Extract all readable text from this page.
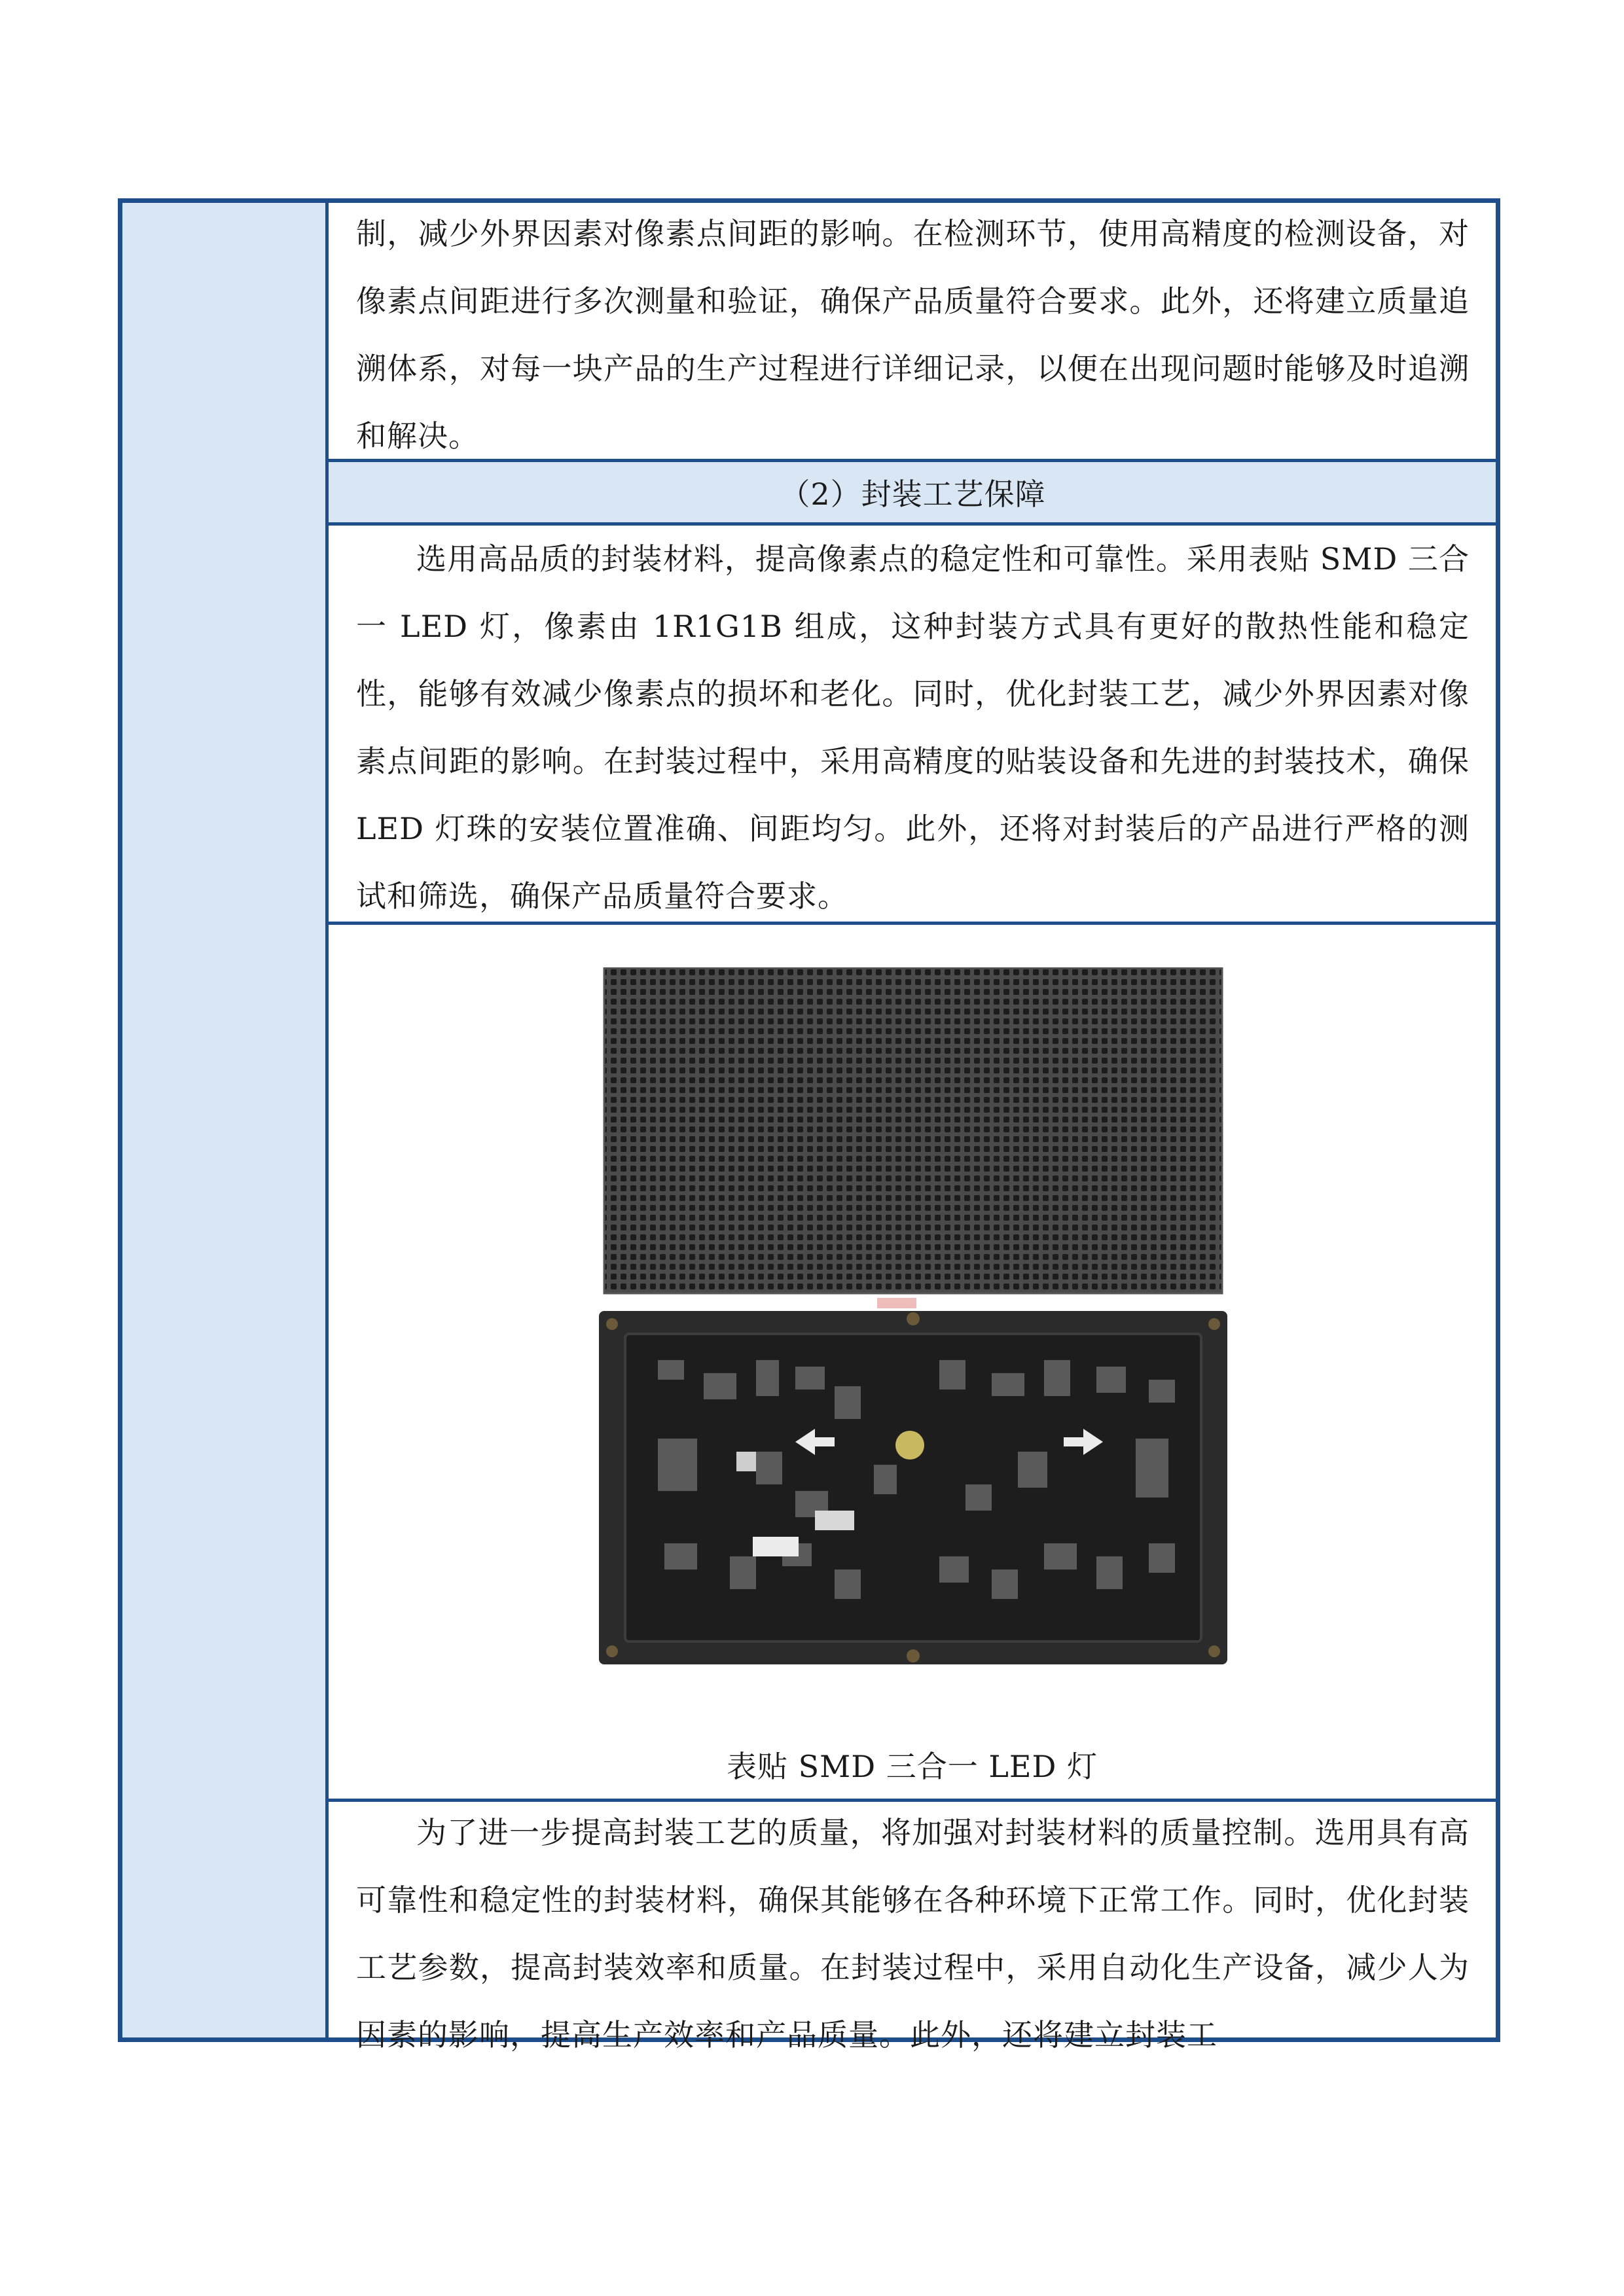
制，减少外界因素对像素点间距的影响。在检测环节，使用高精度的检测设备，对像素点间距进行多次测量和验证，确保产品质量符合要求。此外，还将建立质量追溯体系，对每一块产品的生产过程进行详细记录，以便在出现问题时能够及时追溯和解决。

（2）封装工艺保障

选用高品质的封装材料，提高像素点的稳定性和可靠性。采用表贴 SMD 三合一 LED 灯，像素由 1R1G1B 组成，这种封装方式具有更好的散热性能和稳定性，能够有效减少像素点的损坏和老化。同时，优化封装工艺，减少外界因素对像素点间距的影响。在封装过程中，采用高精度的贴装设备和先进的封装技术，确保 LED 灯珠的安装位置准确、间距均匀。此外，还将对封装后的产品进行严格的测试和筛选，确保产品质量符合要求。

表贴 SMD 三合一 LED 灯

为了进一步提高封装工艺的质量，将加强对封装材料的质量控制。选用具有高可靠性和稳定性的封装材料，确保其能够在各种环境下正常工作。同时，优化封装工艺参数，提高封装效率和质量。在封装过程中，采用自动化生产设备，减少人为因素的影响，提高生产效率和产品质量。此外，还将建立封装工
